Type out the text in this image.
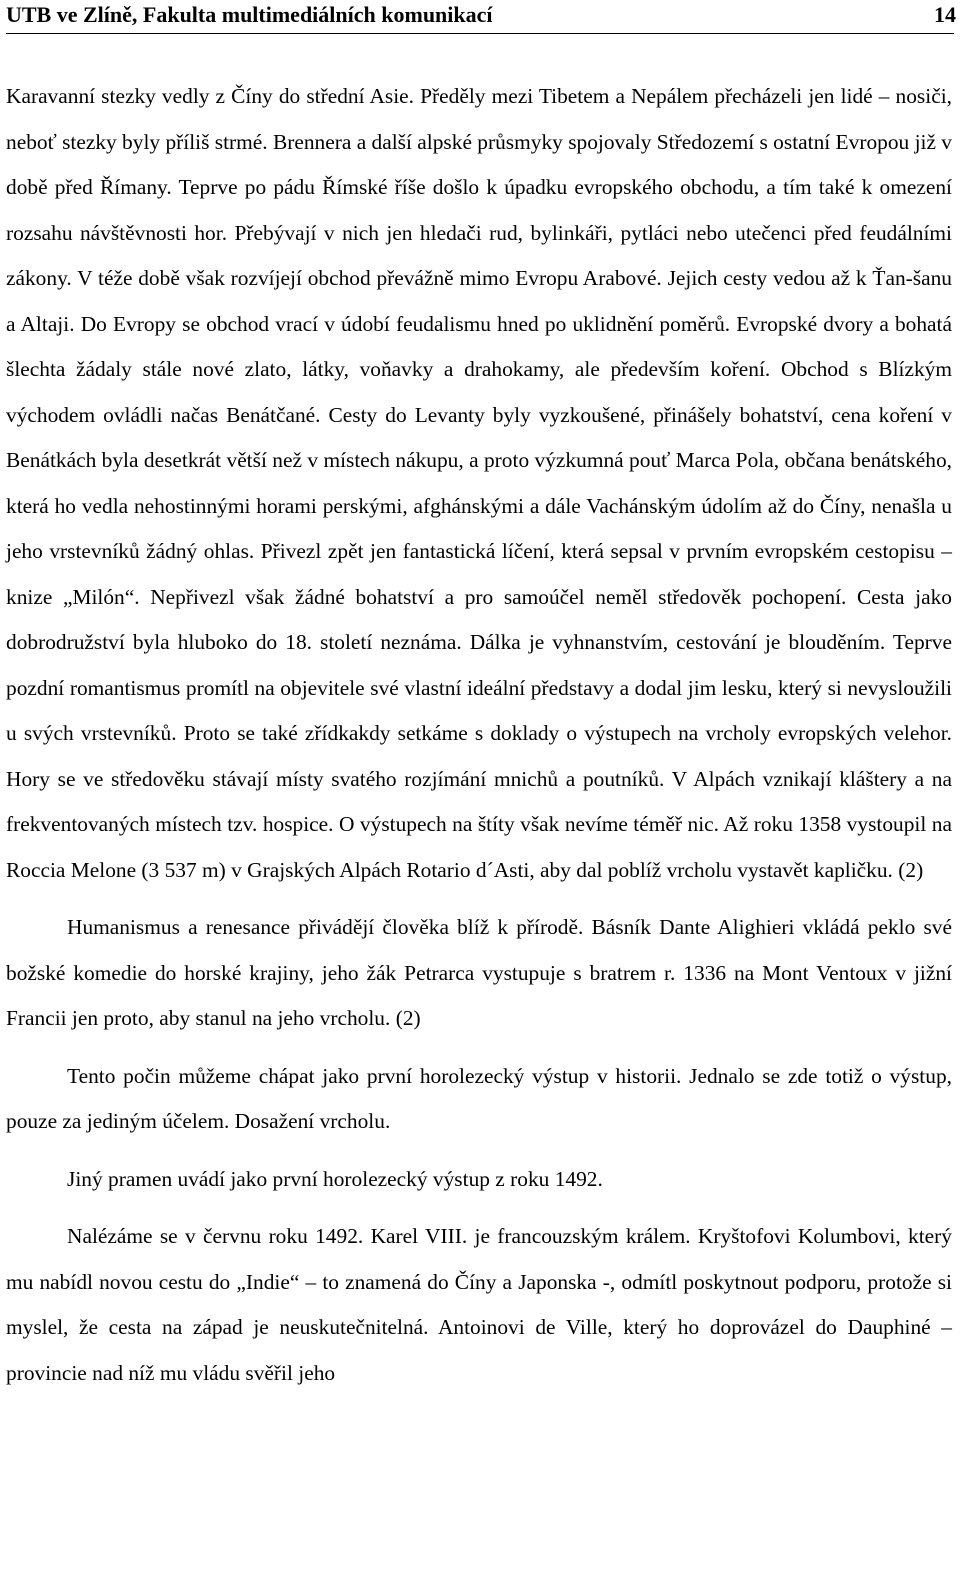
UTB ve Zlíně, Fakulta multimediálních komunikací	14

Karavanní stezky vedly z Číny do střední Asie. Předěly mezi Tibetem a Nepálem přecházeli jen lidé – nosiči, neboť stezky byly příliš strmé. Brennera a další alpské průsmyky spojovaly Středozemí s ostatní Evropou již v době před Římany. Teprve po pádu Římské říše došlo k úpadku evropského obchodu, a tím také k omezení rozsahu návštěvnosti hor. Přebývají v nich jen hledači rud, bylinkáři, pytláci nebo utečenci před feudálními zákony. V téže době však rozvíjejí obchod převážně mimo Evropu Arabové. Jejich cesty vedou až k Ťan-šanu a Altaji. Do Evropy se obchod vrací v údobí feudalismu hned po uklidnění poměrů. Evropské dvory a bohatá šlechta žádaly stále nové zlato, látky, voňavky a drahokamy, ale především koření. Obchod s Blízkým východem ovládli načas Benátčané. Cesty do Levanty byly vyzkoušené, přinášely bohatství, cena koření v Benátkách byla desetkrát větší než v místech nákupu, a proto výzkumná pouť Marca Pola, občana benátského, která ho vedla nehostinnými horami perskými, afghánskými a dále Vachánským údolím až do Číny, nenašla u jeho vrstevníků žádný ohlas. Přivezl zpět jen fantastická líčení, která sepsal v prvním evropském cestopisu – knize „Milón“. Nepřivezl však žádné bohatství a pro samoúčel neměl středověk pochopení. Cesta jako dobrodružství byla hluboko do 18. století neznáma. Dálka je vyhnanstvím, cestování je blouděním. Teprve pozdní romantismus promítl na objevitele své vlastní ideální představy a dodal jim lesku, který si nevysloužili u svých vrstevníků. Proto se také zřídkakdy setkáme s doklady o výstupech na vrcholy evropských velehor. Hory se ve středověku stávají místy svatého rozjímání mnichů a poutníků. V Alpách vznikají kláštery a na frekventovaných místech tzv. hospice. O výstupech na štíty však nevíme téměř nic. Až roku 1358 vystoupil na Roccia Melone (3 537 m) v Grajských Alpách Rotario d´Asti, aby dal poblíž vrcholu vystavět kapličku. (2)

Humanismus a renesance přivádějí člověka blíž k přírodě. Básník Dante Alighieri vkládá peklo své božské komedie do horské krajiny, jeho žák Petrarca vystupuje s bratrem r. 1336 na Mont Ventoux v jižní Francii jen proto, aby stanul na jeho vrcholu. (2)

Tento počin můžeme chápat jako první horolezecký výstup v historii. Jednalo se zde totiž o výstup, pouze za jediným účelem. Dosažení vrcholu.

Jiný pramen uvádí jako první horolezecký výstup z roku 1492.

Nalézáme se v červnu roku 1492. Karel VIII. je francouzským králem. Kryštofovi Kolumbovi, který mu nabídl novou cestu do „Indie“ – to znamená do Číny a Japonska -, odmítl poskytnout podporu, protože si myslel, že cesta na západ je neuskutečnitelná. Antoinovi de Ville, který ho doprovázel do Dauphiné – provincie nad níž mu vládu svěřil jeho
